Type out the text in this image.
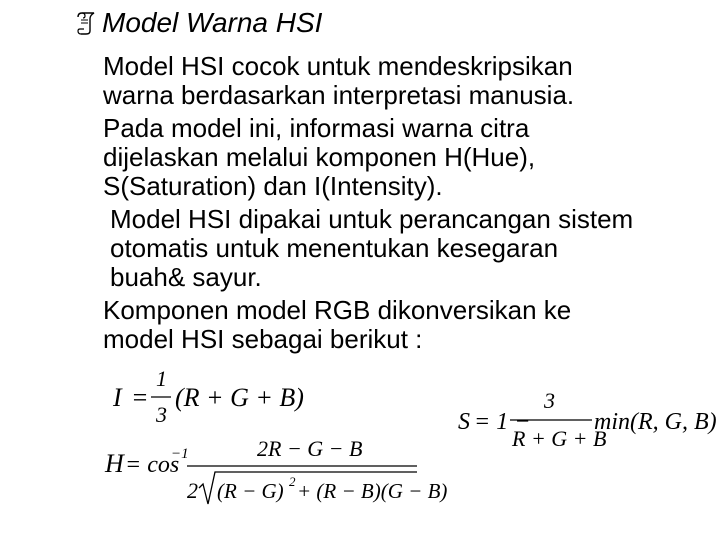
Model Warna HSI

Model HSI cocok untuk mendeskripsikan
warna berdasarkan interpretasi manusia.

Pada model ini, informasi warna citra
dijelaskan melalui komponen H(Hue),
S(Saturation) dan I(Intensity).

Model HSI dipakai untuk perancangan sistem
otomatis untuk menentukan kesegaran
buah& sayur.

Komponen model RGB dikonversikan ke
model HSI sebagai berikut :

I =
1
3
(R + G + B)
S = 1 −
3
R + G + B
min(R, G, B)
H = cos
−1	2R − G − B
2 (R − G) 2 + (R − B)(G − B)
